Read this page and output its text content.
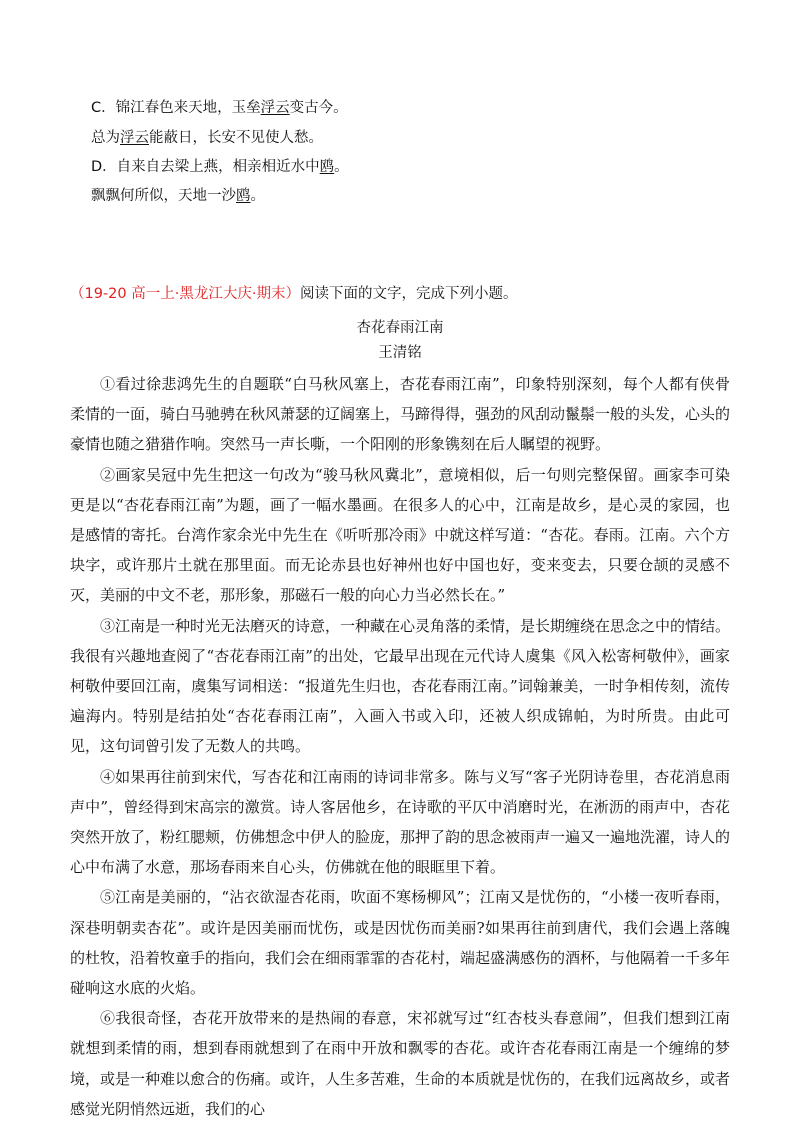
C．锦江春色来天地，玉垒浮云变古今。
总为浮云能蔽日，长安不见使人愁。
D．自来自去梁上燕，相亲相近水中鸥。
飘飘何所似，天地一沙鸥。
（19-20 高一上·黑龙江大庆·期末）阅读下面的文字，完成下列小题。
杏花春雨江南
王清铭

①看过徐悲鸿先生的自题联“白马秋风塞上，杏花春雨江南”，印象特别深刻，每个人都有侠骨柔情的一面，骑白马驰骋在秋风萧瑟的辽阔塞上，马蹄得得，强劲的风刮动鬣鬃一般的头发，心头的豪情也随之猎猎作响。突然马一声长嘶，一个阳刚的形象镌刻在后人瞩望的视野。

②画家吴冠中先生把这一句改为“骏马秋风冀北”，意境相似，后一句则完整保留。画家李可染更是以“杏花春雨江南”为题，画了一幅水墨画。在很多人的心中，江南是故乡，是心灵的家园，也是感情的寄托。台湾作家余光中先生在《听听那冷雨》中就这样写道：“杏花。春雨。江南。六个方块字，或许那片土就在那里面。而无论赤县也好神州也好中国也好，变来变去，只要仓颉的灵感不灭，美丽的中文不老，那形象，那磁石一般的向心力当必然长在。”

③江南是一种时光无法磨灭的诗意，一种藏在心灵角落的柔情，是长期缠绕在思念之中的情结。我很有兴趣地查阅了“杏花春雨江南”的出处，它最早出现在元代诗人虞集《风入松寄柯敬仲》，画家柯敬仲要回江南，虞集写词相送：“报道先生归也，杏花春雨江南。”词翰兼美，一时争相传刻，流传遍海内。特别是结拍处“杏花春雨江南”，入画入书或入印，还被人织成锦帕，为时所贵。由此可见，这句词曾引发了无数人的共鸣。

④如果再往前到宋代，写杏花和江南雨的诗词非常多。陈与义写“客子光阴诗卷里，杏花消息雨声中”，曾经得到宋高宗的激赏。诗人客居他乡，在诗歌的平仄中消磨时光，在淅沥的雨声中，杏花突然开放了，粉红腮颊，仿佛想念中伊人的脸庞，那押了韵的思念被雨声一遍又一遍地洗濯，诗人的心中布满了水意，那场春雨来自心头，仿佛就在他的眼眶里下着。

⑤江南是美丽的，“沾衣欲湿杏花雨，吹面不寒杨柳风”；江南又是忧伤的，“小楼一夜听春雨，深巷明朝卖杏花”。或许是因美丽而忧伤，或是因忧伤而美丽?如果再往前到唐代，我们会遇上落魄的杜牧，沿着牧童手的指向，我们会在细雨霏霏的杏花村，端起盛满感伤的酒杯，与他隔着一千多年碰响这水底的火焰。

⑥我很奇怪，杏花开放带来的是热闹的春意，宋祁就写过“红杏枝头春意闹”，但我们想到江南就想到柔情的雨，想到春雨就想到了在雨中开放和飘零的杏花。或许杏花春雨江南是一个缠绵的梦境，或是一种难以愈合的伤痛。或许，人生多苦难，生命的本质就是忧伤的，在我们远离故乡，或者感觉光阴悄然远逝，我们的心
